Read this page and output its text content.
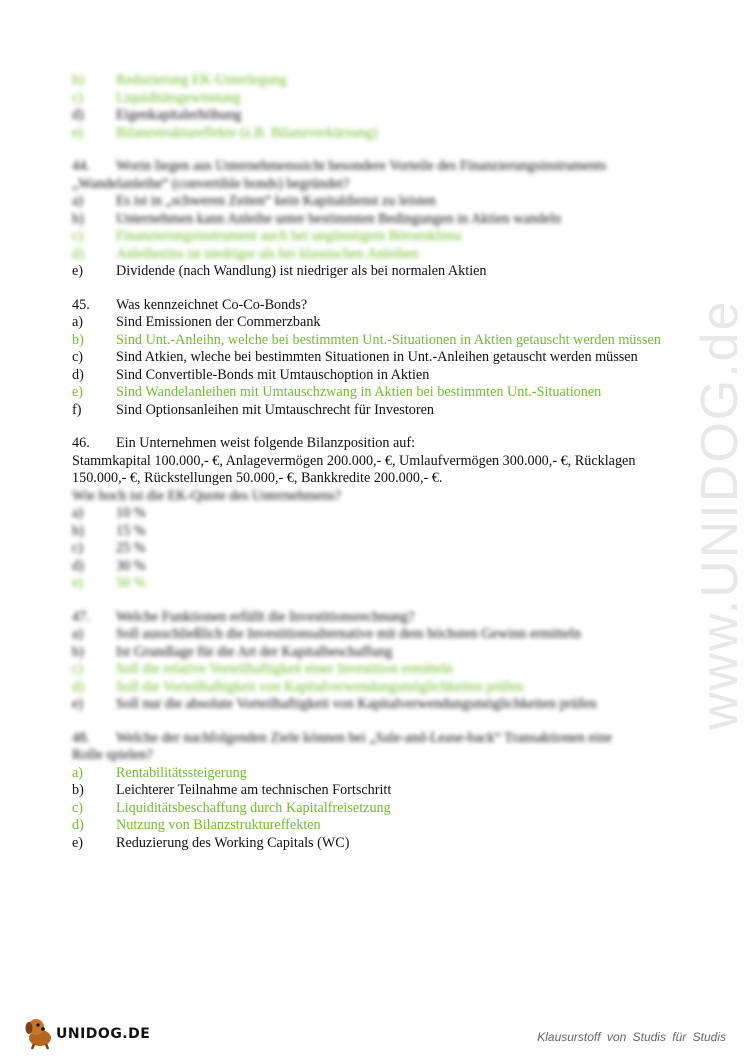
www.UNIDOG.de
b)	Reduzierung EK-Unterlegung
c)	Liquiditätsgewinnung
d)	Eigenkapitalerhöhung
e)	Bilanzstruktureffekte (z.B. Bilanzverkürzung)
44.	Worin liegen aus Unternehmenssicht besondere Vorteile des Finanzierungsinstruments
„Wandelanleihe“ (convertible bonds) begründet?
a)	Es ist in „schweren Zeiten“ kein Kapitaldienst zu leisten
b)	Unternehmen kann Anleihe unter bestimmten Bedingungen in Aktien wandeln
c)	Finanzierungsinstrument auch bei ungünstigem Börsenklima
d)	Anleihezins ist niedriger als bei klassischen Anleihen
e)	Dividende (nach Wandlung) ist niedriger als bei normalen Aktien
45.	Was kennzeichnet Co-Co-Bonds?
a)	Sind Emissionen der Commerzbank
b)	Sind Unt.-Anleihn, welche bei bestimmten Unt.-Situationen in Aktien getauscht werden müssen
c)	Sind Atkien, wleche bei bestimmten Situationen in Unt.-Anleihen getauscht werden müssen
d)	Sind Convertible-Bonds mit Umtauschoption in Aktien
e)	Sind Wandelanleihen mit Umtauschzwang in Aktien bei bestimmten Unt.-Situationen
f)	Sind Optionsanleihen mit Umtauschrecht für Investoren
46.	Ein Unternehmen weist folgende Bilanzposition auf:
Stammkapital 100.000,- €, Anlagevermögen 200.000,- €, Umlaufvermögen 300.000,- €, Rücklagen 150.000,- €, Rückstellungen 50.000,- €, Bankkredite 200.000,- €.
Wie hoch ist die EK-Quote des Unternehmens?
a)	10 %
b)	15 %
c)	25 %
d)	30 %
e)	50 %
47.	Welche Funktionen erfüllt die Investitionsrechnung?
a)	Soll ausschließlich die Investitionsalternative mit dem höchsten Gewinn ermitteln
b)	Ist Grundlage für die Art der Kapitalbeschaffung
c)	Soll die relative Vorteilhaftigkeit einer Investition ermitteln
d)	Soll die Vorteilhaftigkeit von Kapitalverwendungsmöglichkeiten prüfen
e)	Soll nur die absolute Vorteilhaftigkeit von Kapitalverwendungsmöglichkeiten prüfen
48.	Welche der nachfolgenden Ziele können bei „Sale-and-Lease-back“ Transaktionen eine
Rolle spielen?
a)	Rentabilitätssteigerung
b)	Leichterer Teilnahme am technischen Fortschritt
c)	Liquiditätsbeschaffung durch Kapitalfreisetzung
d)	Nutzung von Bilanzstruktureffekten
e)	Reduzierung des Working Capitals (WC)
UNIDOG.DE	Klausurstoff von Studis für Studis
